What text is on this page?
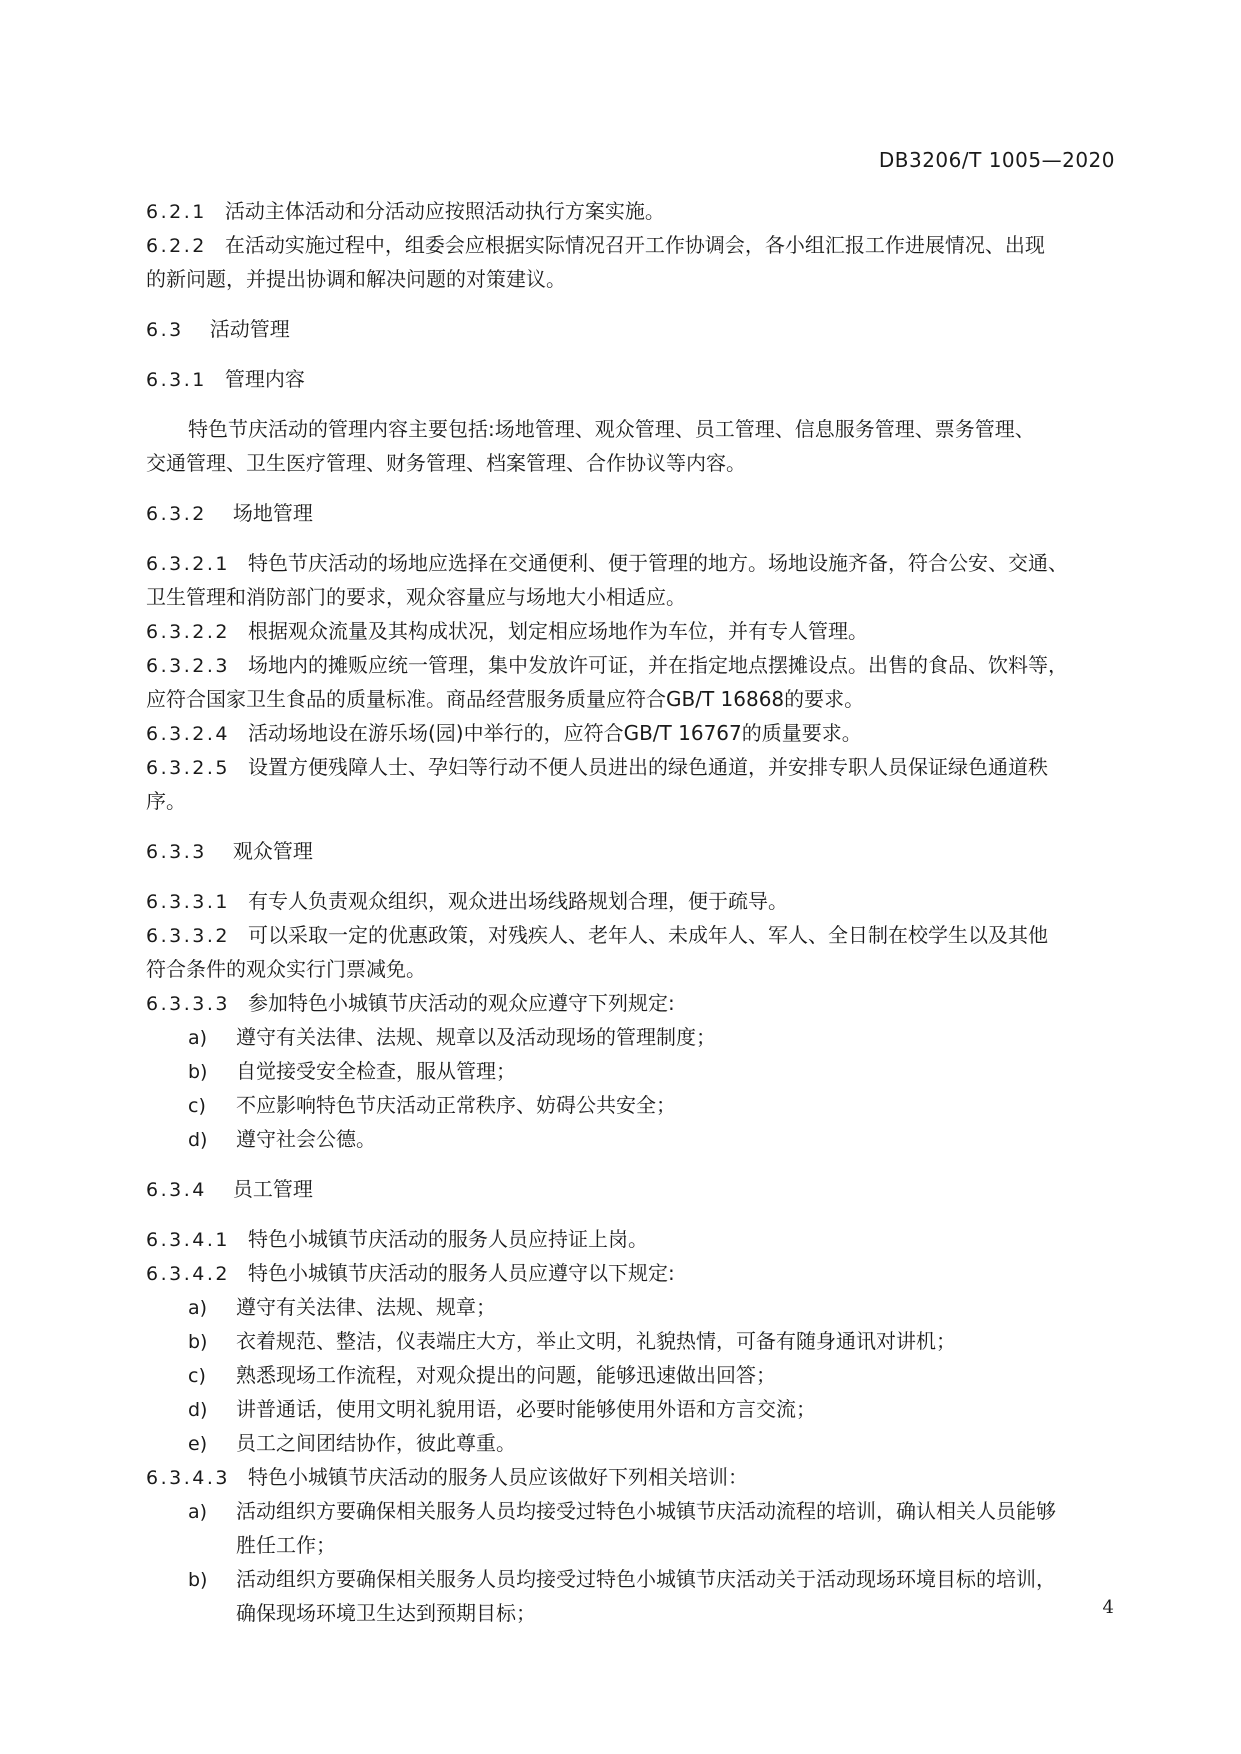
DB3206/T 1005—2020
6.2.1 活动主体活动和分活动应按照活动执行方案实施。
6.2.2 在活动实施过程中，组委会应根据实际情况召开工作协调会，各小组汇报工作进展情况、出现
的新问题，并提出协调和解决问题的对策建议。
6.3 活动管理
6.3.1 管理内容
特色节庆活动的管理内容主要包括:场地管理、观众管理、员工管理、信息服务管理、票务管理、
交通管理、卫生医疗管理、财务管理、档案管理、合作协议等内容。
6.3.2 场地管理
6.3.2.1 特色节庆活动的场地应选择在交通便利、便于管理的地方。场地设施齐备，符合公安、交通、
卫生管理和消防部门的要求，观众容量应与场地大小相适应。
6.3.2.2 根据观众流量及其构成状况，划定相应场地作为车位，并有专人管理。
6.3.2.3 场地内的摊贩应统一管理，集中发放许可证，并在指定地点摆摊设点。出售的食品、饮料等，
应符合国家卫生食品的质量标准。商品经营服务质量应符合GB/T 16868的要求。
6.3.2.4 活动场地设在游乐场(园)中举行的，应符合GB/T 16767的质量要求。
6.3.2.5 设置方便残障人士、孕妇等行动不便人员进出的绿色通道，并安排专职人员保证绿色通道秩
序。
6.3.3 观众管理
6.3.3.1 有专人负责观众组织，观众进出场线路规划合理，便于疏导。
6.3.3.2 可以采取一定的优惠政策，对残疾人、老年人、未成年人、军人、全日制在校学生以及其他
符合条件的观众实行门票减免。
6.3.3.3 参加特色小城镇节庆活动的观众应遵守下列规定:
a) 遵守有关法律、法规、规章以及活动现场的管理制度；
b) 自觉接受安全检查，服从管理；
c) 不应影响特色节庆活动正常秩序、妨碍公共安全；
d) 遵守社会公德。
6.3.4 员工管理
6.3.4.1 特色小城镇节庆活动的服务人员应持证上岗。
6.3.4.2 特色小城镇节庆活动的服务人员应遵守以下规定:
a) 遵守有关法律、法规、规章；
b) 衣着规范、整洁，仪表端庄大方，举止文明，礼貌热情，可备有随身通讯对讲机；
c) 熟悉现场工作流程，对观众提出的问题，能够迅速做出回答；
d) 讲普通话，使用文明礼貌用语，必要时能够使用外语和方言交流；
e) 员工之间团结协作，彼此尊重。
6.3.4.3 特色小城镇节庆活动的服务人员应该做好下列相关培训：
a) 活动组织方要确保相关服务人员均接受过特色小城镇节庆活动流程的培训，确认相关人员能够
胜任工作；
b) 活动组织方要确保相关服务人员均接受过特色小城镇节庆活动关于活动现场环境目标的培训，
确保现场环境卫生达到预期目标；	4
